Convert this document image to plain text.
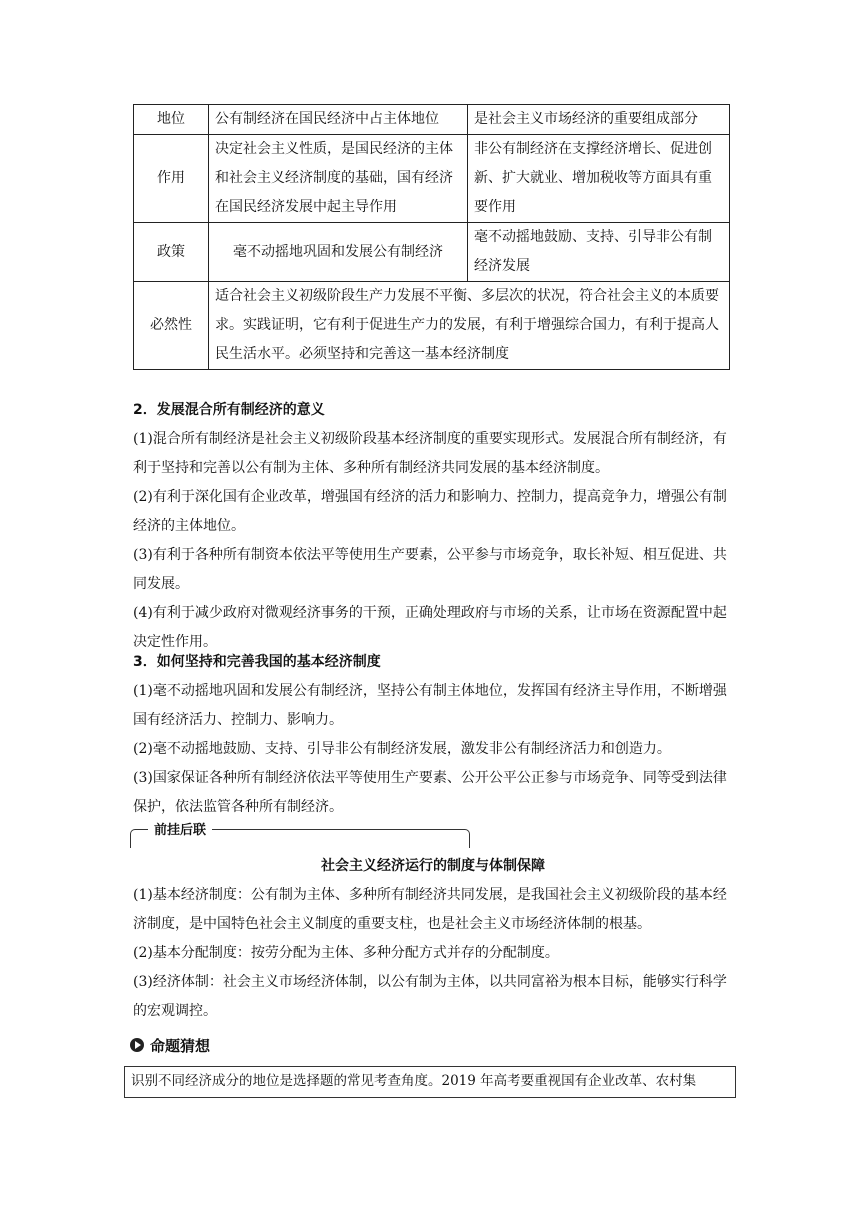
地位	公有制经济在国民经济中占主体地位	是社会主义市场经济的重要组成部分
作用	决定社会主义性质，是国民经济的主体和社会主义经济制度的基础，国有经济在国民经济发展中起主导作用	非公有制经济在支撑经济增长、促进创新、扩大就业、增加税收等方面具有重要作用
政策	毫不动摇地巩固和发展公有制经济	毫不动摇地鼓励、支持、引导非公有制经济发展
必然性	适合社会主义初级阶段生产力发展不平衡、多层次的状况，符合社会主义的本质要求。实践证明，它有利于促进生产力的发展，有利于增强综合国力，有利于提高人民生活水平。必须坚持和完善这一基本经济制度	
2．发展混合所有制经济的意义

(1)混合所有制经济是社会主义初级阶段基本经济制度的重要实现形式。发展混合所有制经济，有利于坚持和完善以公有制为主体、多种所有制经济共同发展的基本经济制度。

(2)有利于深化国有企业改革，增强国有经济的活力和影响力、控制力，提高竞争力，增强公有制经济的主体地位。

(3)有利于各种所有制资本依法平等使用生产要素，公平参与市场竞争，取长补短、相互促进、共同发展。

(4)有利于减少政府对微观经济事务的干预，正确处理政府与市场的关系，让市场在资源配置中起决定性作用。

3．如何坚持和完善我国的基本经济制度

(1)毫不动摇地巩固和发展公有制经济，坚持公有制主体地位，发挥国有经济主导作用，不断增强国有经济活力、控制力、影响力。

(2)毫不动摇地鼓励、支持、引导非公有制经济发展，激发非公有制经济活力和创造力。

(3)国家保证各种所有制经济依法平等使用生产要素、公开公平公正参与市场竞争、同等受到法律保护，依法监管各种所有制经济。

前挂后联
社会主义经济运行的制度与体制保障

(1)基本经济制度：公有制为主体、多种所有制经济共同发展，是我国社会主义初级阶段的基本经济制度，是中国特色社会主义制度的重要支柱，也是社会主义市场经济体制的根基。

(2)基本分配制度：按劳分配为主体、多种分配方式并存的分配制度。

(3)经济体制：社会主义市场经济体制，以公有制为主体，以共同富裕为根本目标，能够实行科学的宏观调控。

命题猜想
识别不同经济成分的地位是选择题的常见考查角度。2019 年高考要重视国有企业改革、农村集
